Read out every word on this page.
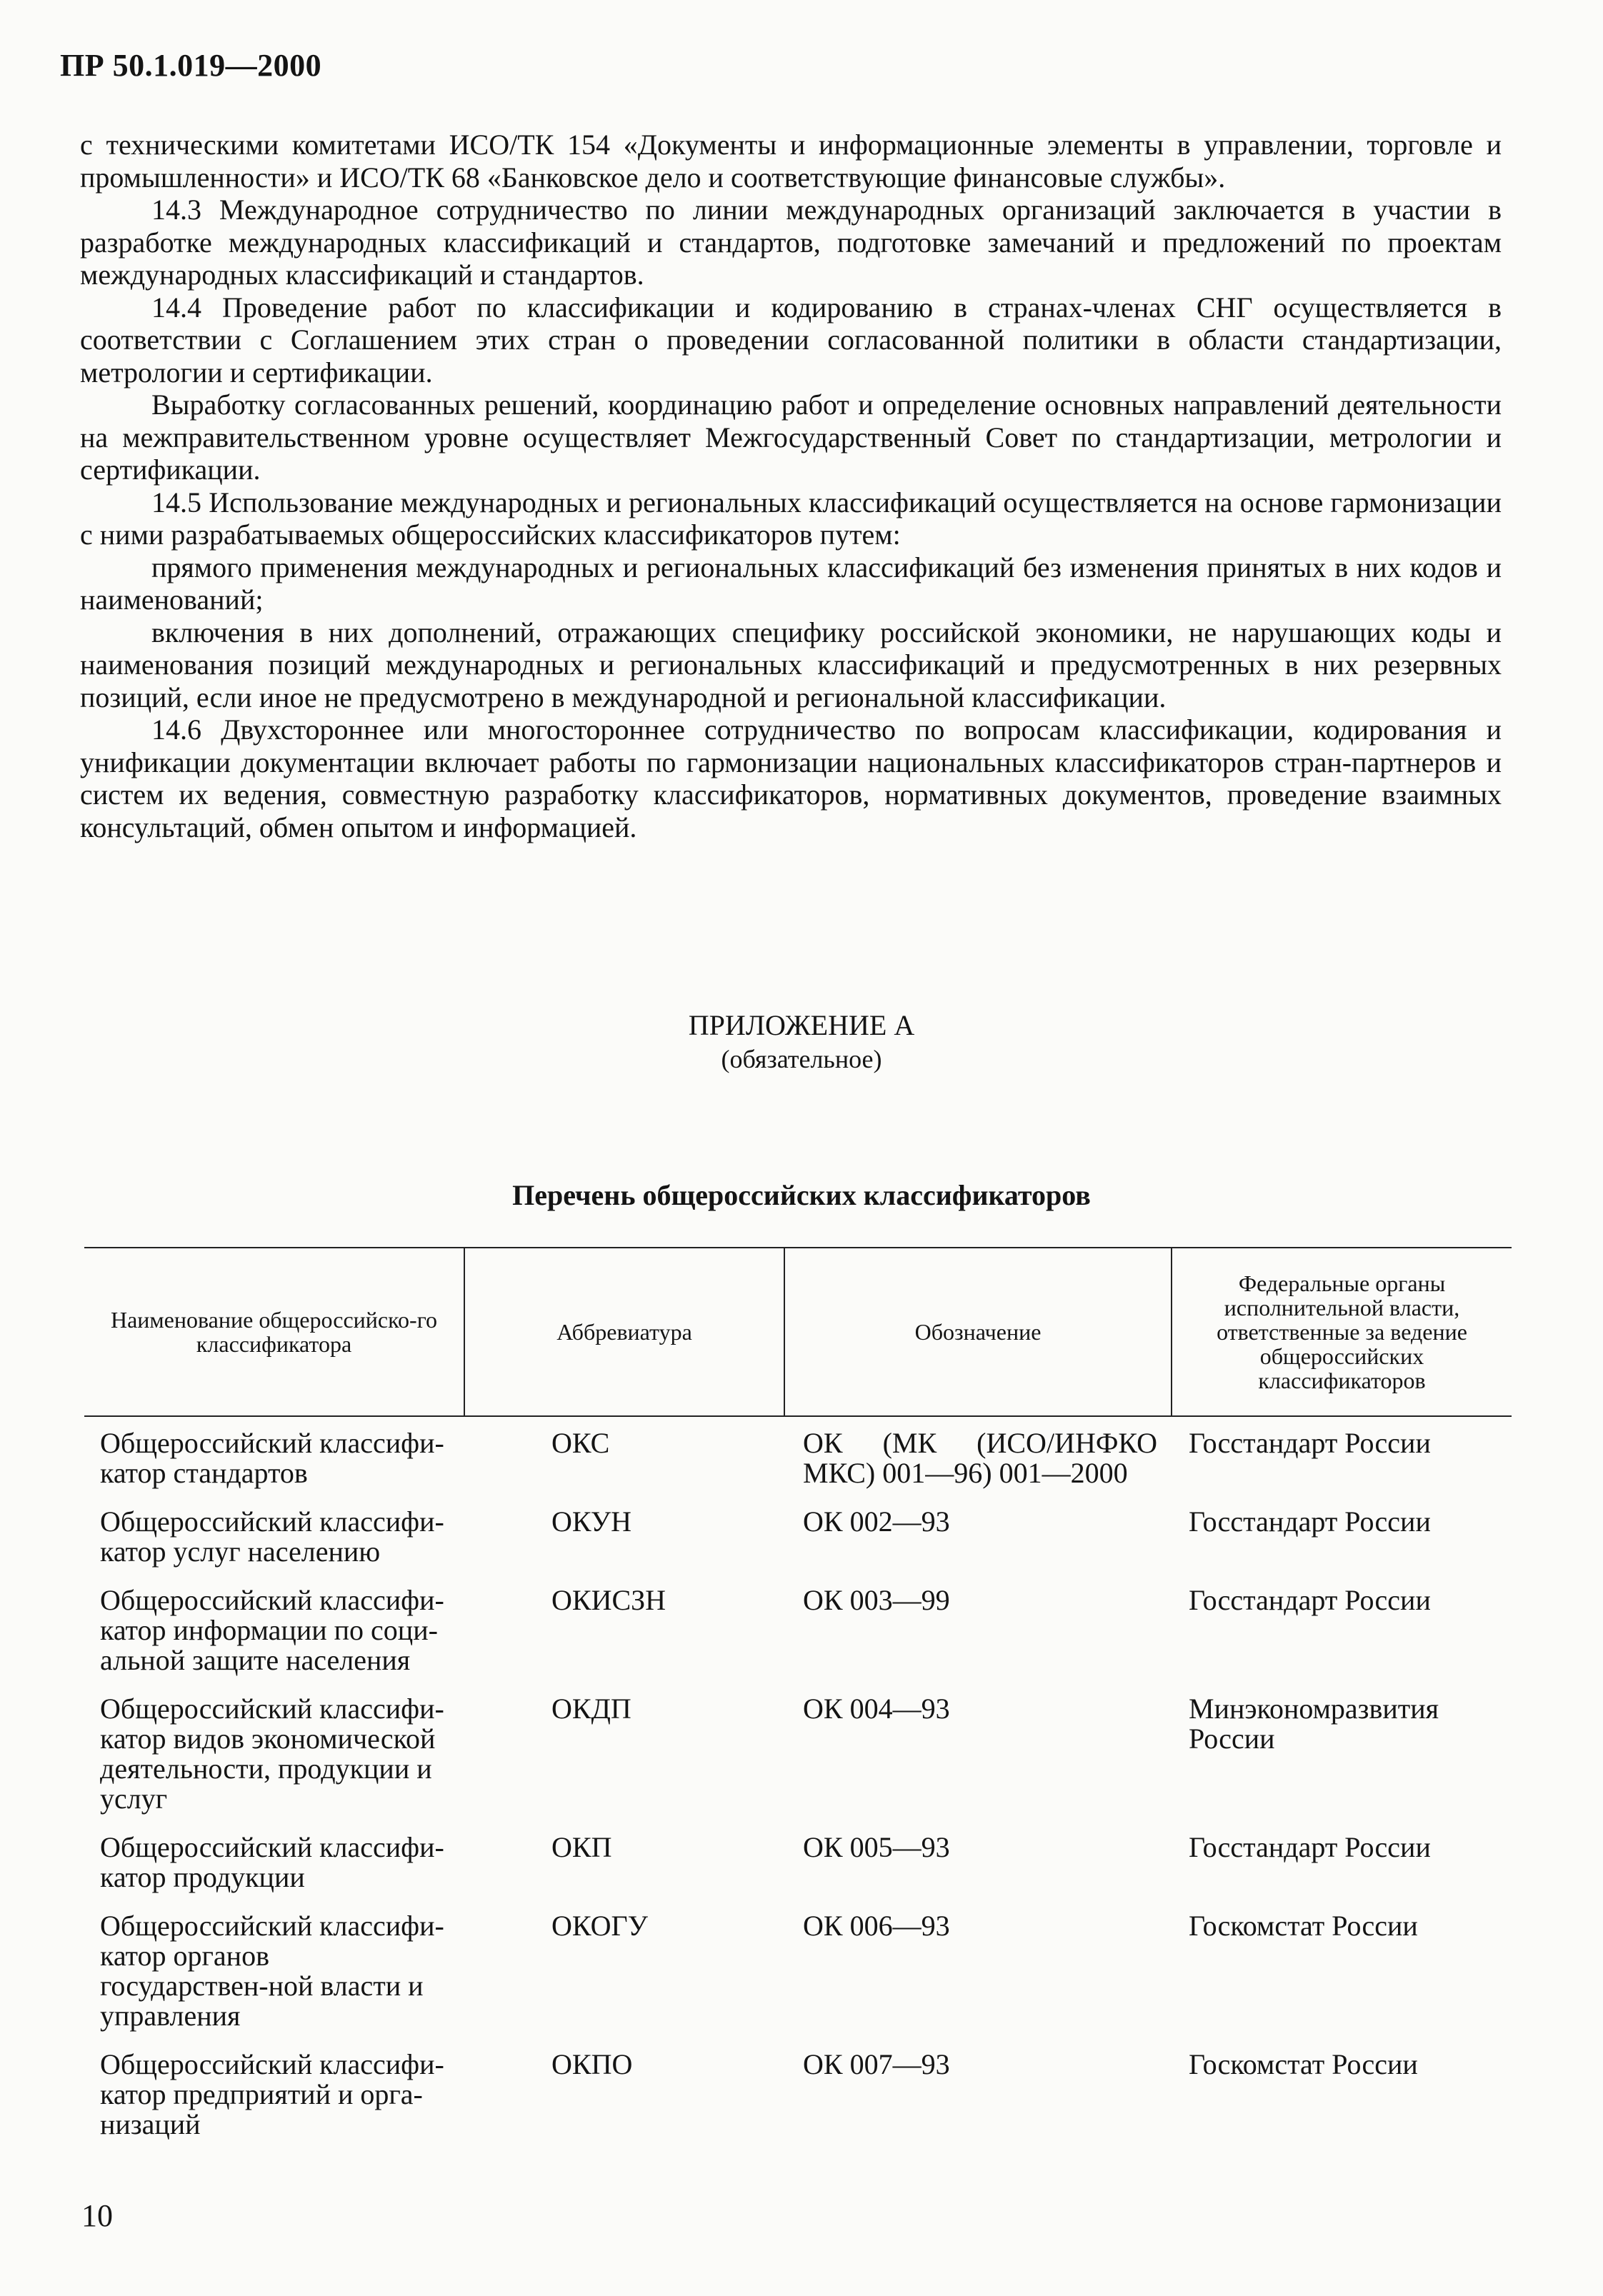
ПР 50.1.019—2000

с техническими комитетами ИСО/ТК 154 «Документы и информационные элементы в управлении, торговле и промышленности» и ИСО/ТК 68 «Банковское дело и соответствующие финансовые службы».

14.3 Международное сотрудничество по линии международных организаций заключается в участии в разработке международных классификаций и стандартов, подготовке замечаний и предложений по проектам международных классификаций и стандартов.

14.4 Проведение работ по классификации и кодированию в странах-членах СНГ осуществляется в соответствии с Соглашением этих стран о проведении согласованной политики в области стандартизации, метрологии и сертификации.

Выработку согласованных решений, координацию работ и определение основных направлений деятельности на межправительственном уровне осуществляет Межгосударственный Совет по стандартизации, метрологии и сертификации.

14.5 Использование международных и региональных классификаций осуществляется на основе гармонизации с ними разрабатываемых общероссийских классификаторов путем:

прямого применения международных и региональных классификаций без изменения принятых в них кодов и наименований;

включения в них дополнений, отражающих специфику российской экономики, не нарушающих коды и наименования позиций международных и региональных классификаций и предусмотренных в них резервных позиций, если иное не предусмотрено в международной и региональной классификации.

14.6 Двухстороннее или многостороннее сотрудничество по вопросам классификации, кодирования и унификации документации включает работы по гармонизации национальных классификаторов стран-партнеров и систем их ведения, совместную разработку классификаторов, нормативных документов, проведение взаимных консультаций, обмен опытом и информацией.

ПРИЛОЖЕНИЕ А
(обязательное)
Перечень общероссийских классификаторов
Наименование общероссийско-го классификатора	Аббревиатура	Обозначение	Федеральные органы исполнительной власти, ответственные за ведение общероссийских классификаторов
Общероссийский классифи-катор стандартов	ОКС	ОК (МК (ИСО/ИНФКО МКС) 001—96) 001—2000	Госстандарт России
Общероссийский классифи-катор услуг населению	ОКУН	ОК 002—93	Госстандарт России
Общероссийский классифи-катор информации по соци-альной защите населения	ОКИСЗН	ОК 003—99	Госстандарт России
Общероссийский классифи-катор видов экономической деятельности, продукции и услуг	ОКДП	ОК 004—93	Минэкономразвития России
Общероссийский классифи-катор продукции	ОКП	ОК 005—93	Госстандарт России
Общероссийский классифи-катор органов государствен-ной власти и управления	ОКОГУ	ОК 006—93	Госкомстат России
Общероссийский классифи-катор предприятий и орга-низаций	ОКПО	ОК 007—93	Госкомстат России
10
